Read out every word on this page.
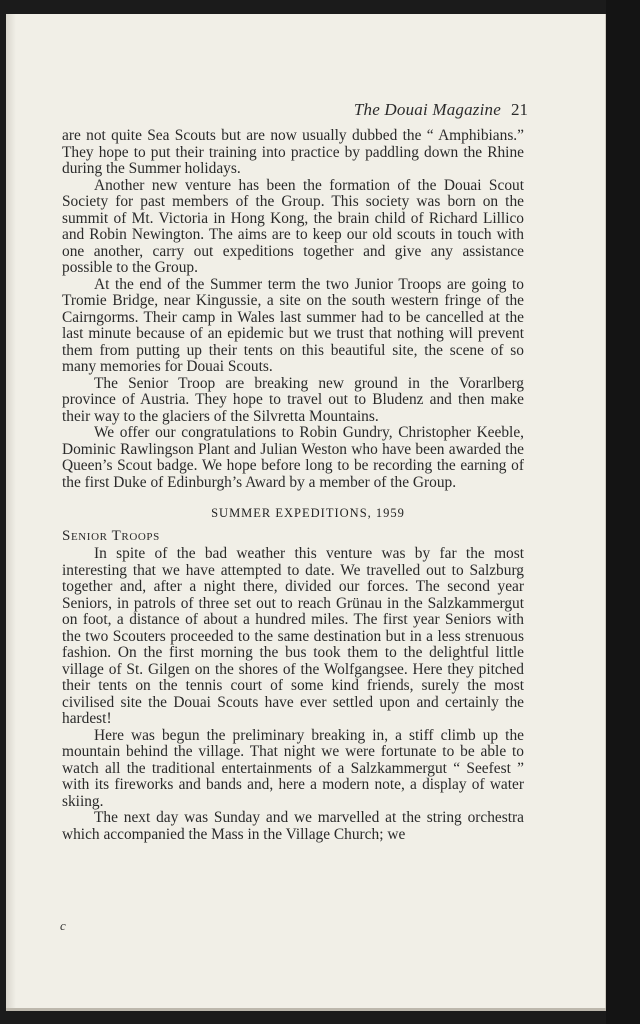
The Douai Magazine 21

are not quite Sea Scouts but are now usually dubbed the “ Amphibians.” They hope to put their training into practice by paddling down the Rhine during the Summer holidays.

Another new venture has been the formation of the Douai Scout Society for past members of the Group. This society was born on the summit of Mt. Victoria in Hong Kong, the brain child of Richard Lillico and Robin Newington. The aims are to keep our old scouts in touch with one another, carry out expeditions together and give any assistance possible to the Group.

At the end of the Summer term the two Junior Troops are going to Tromie Bridge, near Kingussie, a site on the south western fringe of the Cairngorms. Their camp in Wales last summer had to be cancelled at the last minute because of an epidemic but we trust that nothing will prevent them from putting up their tents on this beautiful site, the scene of so many memories for Douai Scouts.

The Senior Troop are breaking new ground in the Vorarlberg province of Austria. They hope to travel out to Bludenz and then make their way to the glaciers of the Silvretta Mountains.

We offer our congratulations to Robin Gundry, Christopher Keeble, Dominic Rawlingson Plant and Julian Weston who have been awarded the Queen’s Scout badge. We hope before long to be recording the earning of the first Duke of Edinburgh’s Award by a member of the Group.

SUMMER EXPEDITIONS, 1959
Senior Troops

In spite of the bad weather this venture was by far the most interesting that we have attempted to date. We travelled out to Salzburg together and, after a night there, divided our forces. The second year Seniors, in patrols of three set out to reach Grünau in the Salzkammergut on foot, a distance of about a hundred miles. The first year Seniors with the two Scouters proceeded to the same destination but in a less strenuous fashion. On the first morning the bus took them to the delightful little village of St. Gilgen on the shores of the Wolfgangsee. Here they pitched their tents on the tennis court of some kind friends, surely the most civilised site the Douai Scouts have ever settled upon and certainly the hardest!

Here was begun the preliminary breaking in, a stiff climb up the mountain behind the village. That night we were fortunate to be able to watch all the traditional entertainments of a Salzkammergut “ Seefest ” with its fireworks and bands and, here a modern note, a display of water skiing.

The next day was Sunday and we marvelled at the string orchestra which accompanied the Mass in the Village Church; we

c
